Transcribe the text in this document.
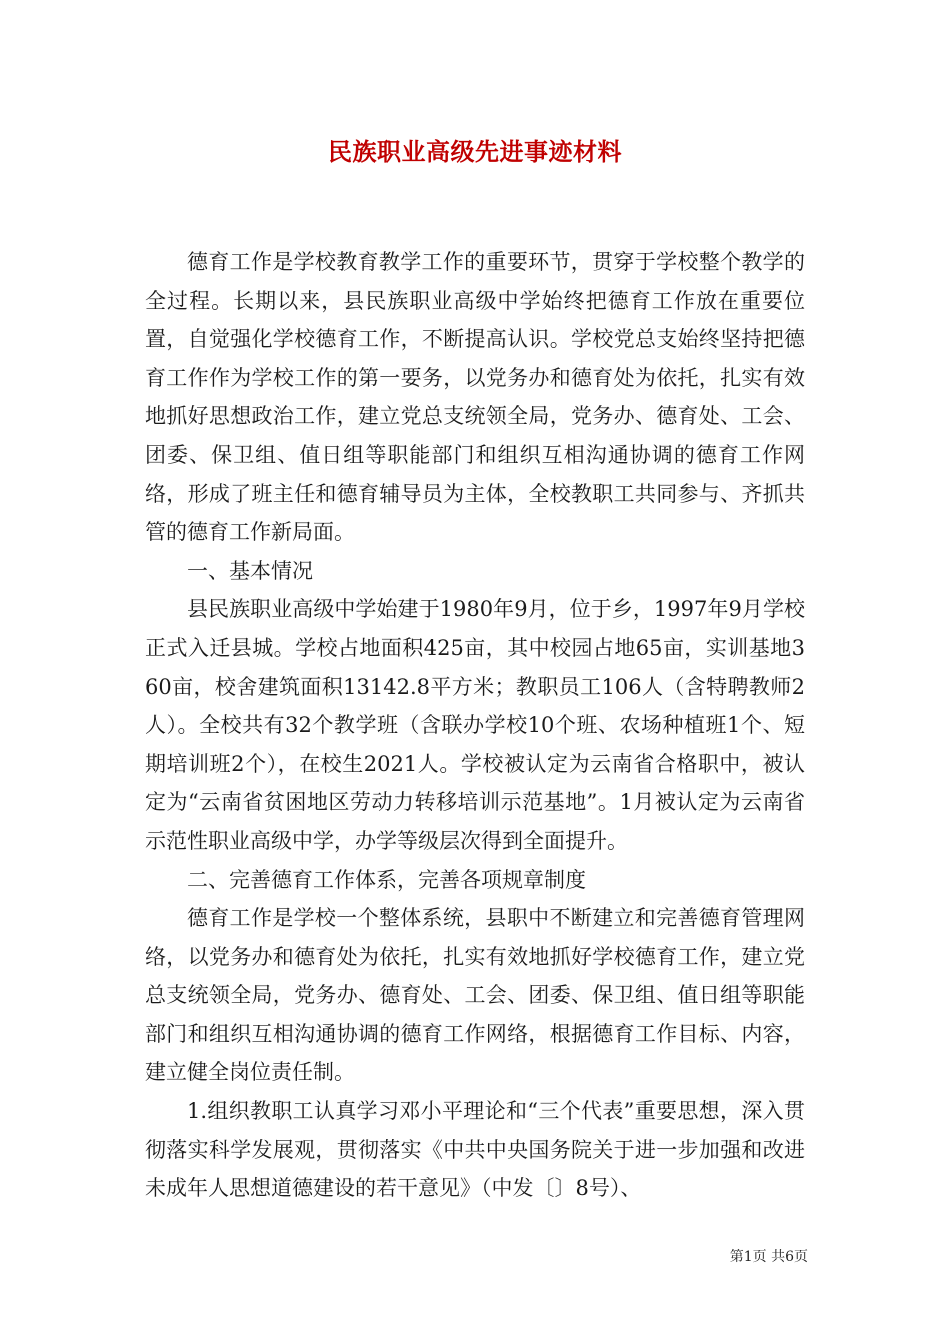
民族职业高级先进事迹材料

德育工作是学校教育教学工作的重要环节，贯穿于学校整个教学的全过程。长期以来，县民族职业高级中学始终把德育工作放在重要位置，自觉强化学校德育工作，不断提高认识。学校党总支始终坚持把德育工作作为学校工作的第一要务，以党务办和德育处为依托，扎实有效地抓好思想政治工作，建立党总支统领全局，党务办、德育处、工会、团委、保卫组、值日组等职能部门和组织互相沟通协调的德育工作网络，形成了班主任和德育辅导员为主体，全校教职工共同参与、齐抓共管的德育工作新局面。

一、基本情况

县民族职业高级中学始建于1980年9月，位于乡，1997年9月学校正式入迁县城。学校占地面积425亩，其中校园占地65亩，实训基地360亩，校舍建筑面积13142.8平方米；教职员工106人（含特聘教师2人）。全校共有32个教学班（含联办学校10个班、农场种植班1个、短期培训班2个），在校生2021人。学校被认定为云南省合格职中，被认定为“云南省贫困地区劳动力转移培训示范基地”。1月被认定为云南省示范性职业高级中学，办学等级层次得到全面提升。

二、完善德育工作体系，完善各项规章制度

德育工作是学校一个整体系统，县职中不断建立和完善德育管理网络，以党务办和德育处为依托，扎实有效地抓好学校德育工作，建立党总支统领全局，党务办、德育处、工会、团委、保卫组、值日组等职能部门和组织互相沟通协调的德育工作网络，根据德育工作目标、内容，建立健全岗位责任制。

1.组织教职工认真学习邓小平理论和“三个代表”重要思想，深入贯彻落实科学发展观，贯彻落实《中共中央国务院关于进一步加强和改进未成年人思想道德建设的若干意见》（中发〔〕8号）、

第1页 共6页
